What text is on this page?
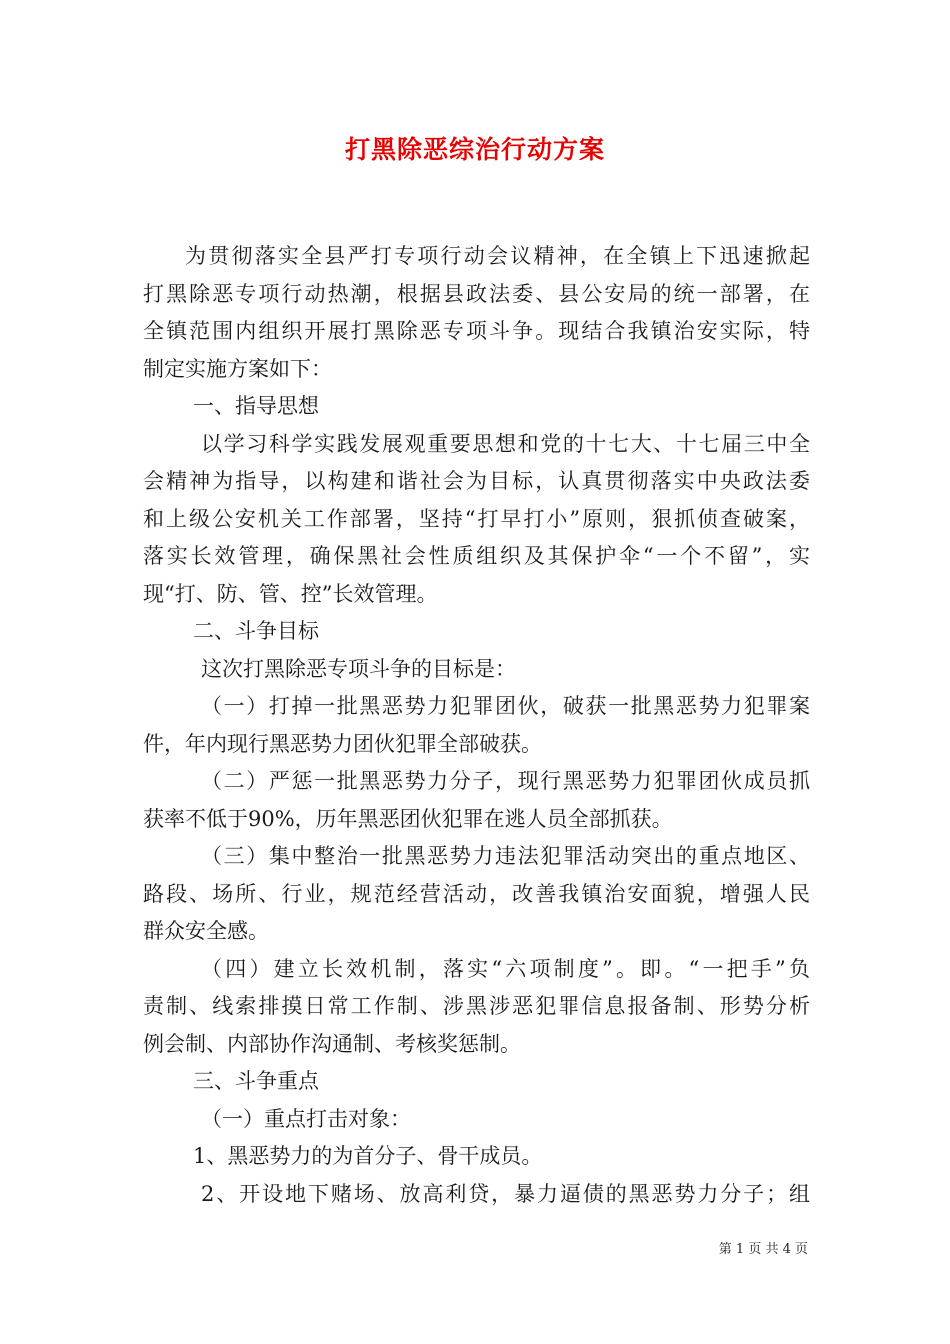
打黑除恶综治行动方案
为贯彻落实全县严打专项行动会议精神，在全镇上下迅速掀起
打黑除恶专项行动热潮，根据县政法委、县公安局的统一部署，在
全镇范围内组织开展打黑除恶专项斗争。现结合我镇治安实际，特
制定实施方案如下：
一、指导思想
以学习科学实践发展观重要思想和党的十七大、十七届三中全
会精神为指导，以构建和谐社会为目标，认真贯彻落实中央政法委
和上级公安机关工作部署，坚持“打早打小”原则，狠抓侦查破案，
落实长效管理，确保黑社会性质组织及其保护伞“一个不留”，实
现“打、防、管、控”长效管理。
二、斗争目标
这次打黑除恶专项斗争的目标是：
（一）打掉一批黑恶势力犯罪团伙，破获一批黑恶势力犯罪案
件，年内现行黑恶势力团伙犯罪全部破获。
（二）严惩一批黑恶势力分子，现行黑恶势力犯罪团伙成员抓
获率不低于90%，历年黑恶团伙犯罪在逃人员全部抓获。
（三）集中整治一批黑恶势力违法犯罪活动突出的重点地区、
路段、场所、行业，规范经营活动，改善我镇治安面貌，增强人民
群众安全感。
（四）建立长效机制，落实“六项制度”。即。“一把手”负
责制、线索排摸日常工作制、涉黑涉恶犯罪信息报备制、形势分析
例会制、内部协作沟通制、考核奖惩制。
三、斗争重点
（一）重点打击对象：
1、黑恶势力的为首分子、骨干成员。
2、开设地下赌场、放高利贷，暴力逼债的黑恶势力分子；组
第 1 页 共 4 页
